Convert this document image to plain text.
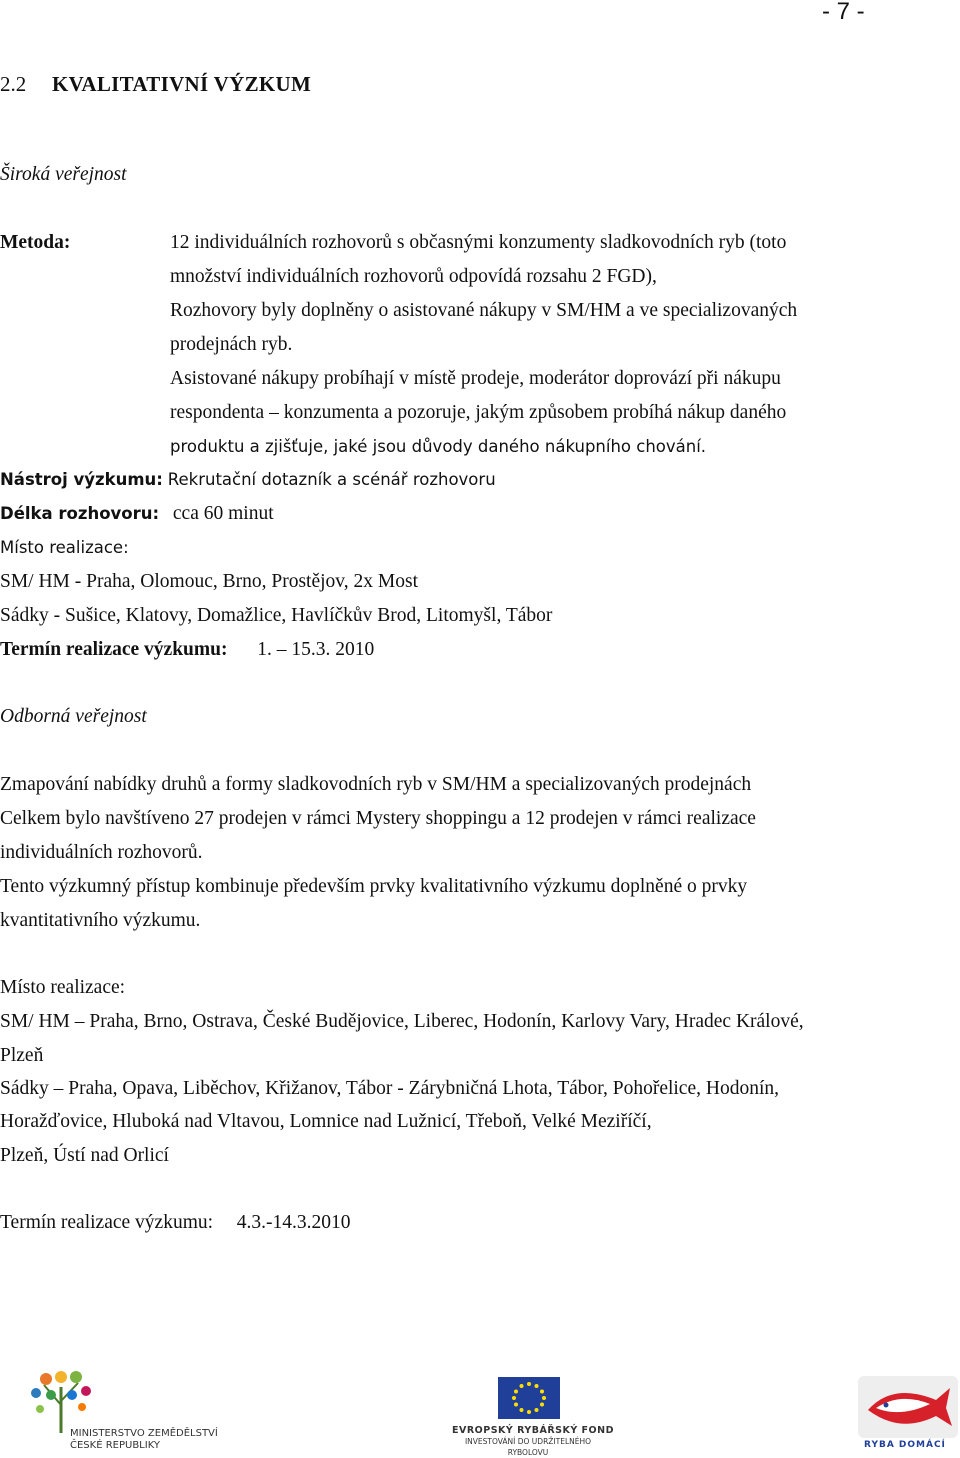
- 7 -
2.2 KVALITATIVNÍ VÝZKUM
Široká veřejnost
Metoda:	12 individuálních rozhovorů s občasnými konzumenty sladkovodních ryb (toto
množství individuálních rozhovorů odpovídá rozsahu 2 FGD),
Rozhovory byly doplněny o asistované nákupy v SM/HM a ve specializovaných
prodejnách ryb.
Asistované nákupy probíhají v místě prodeje, moderátor doprovází při nákupu
respondenta – konzumenta a pozoruje, jakým způsobem probíhá nákup daného
produktu a zjišťuje, jaké jsou důvody daného nákupního chování.
Nástroj výzkumu: Rekrutační dotazník a scénář rozhovoru
Délka rozhovoru: cca 60 minut
Místo realizace:
SM/ HM - Praha, Olomouc, Brno, Prostějov, 2x Most
Sádky - Sušice, Klatovy, Domažlice, Havlíčkův Brod, Litomyšl, Tábor
Termín realizace výzkumu: 1. – 15.3. 2010
Odborná veřejnost
Zmapování nabídky druhů a formy sladkovodních ryb v SM/HM a specializovaných prodejnách
Celkem bylo navštíveno 27 prodejen v rámci Mystery shoppingu a 12 prodejen v rámci realizace
individuálních rozhovorů.
Tento výzkumný přístup kombinuje především prvky kvalitativního výzkumu doplněné o prvky
kvantitativního výzkumu.
Místo realizace:
SM/ HM – Praha, Brno, Ostrava, České Budějovice, Liberec, Hodonín, Karlovy Vary, Hradec Králové,
Plzeň
Sádky – Praha, Opava, Liběchov, Křižanov, Tábor - Zárybničná Lhota, Tábor, Pohořelice, Hodonín,
Horažďovice, Hluboká nad Vltavou, Lomnice nad Lužnicí, Třeboň, Velké Meziříčí,
Plzeň, Ústí nad Orlicí
Termín realizace výzkumu: 4.3.-14.3.2010
MINISTERSTVO ZEMĚDĚLSTVÍ
ČESKÉ REPUBLIKY
EVROPSKÝ RYBÁŘSKÝ FOND
INVESTOVÁNÍ DO UDRŽITELNÉHO
RYBOLOVU
RYBA DOMÁCÍ
